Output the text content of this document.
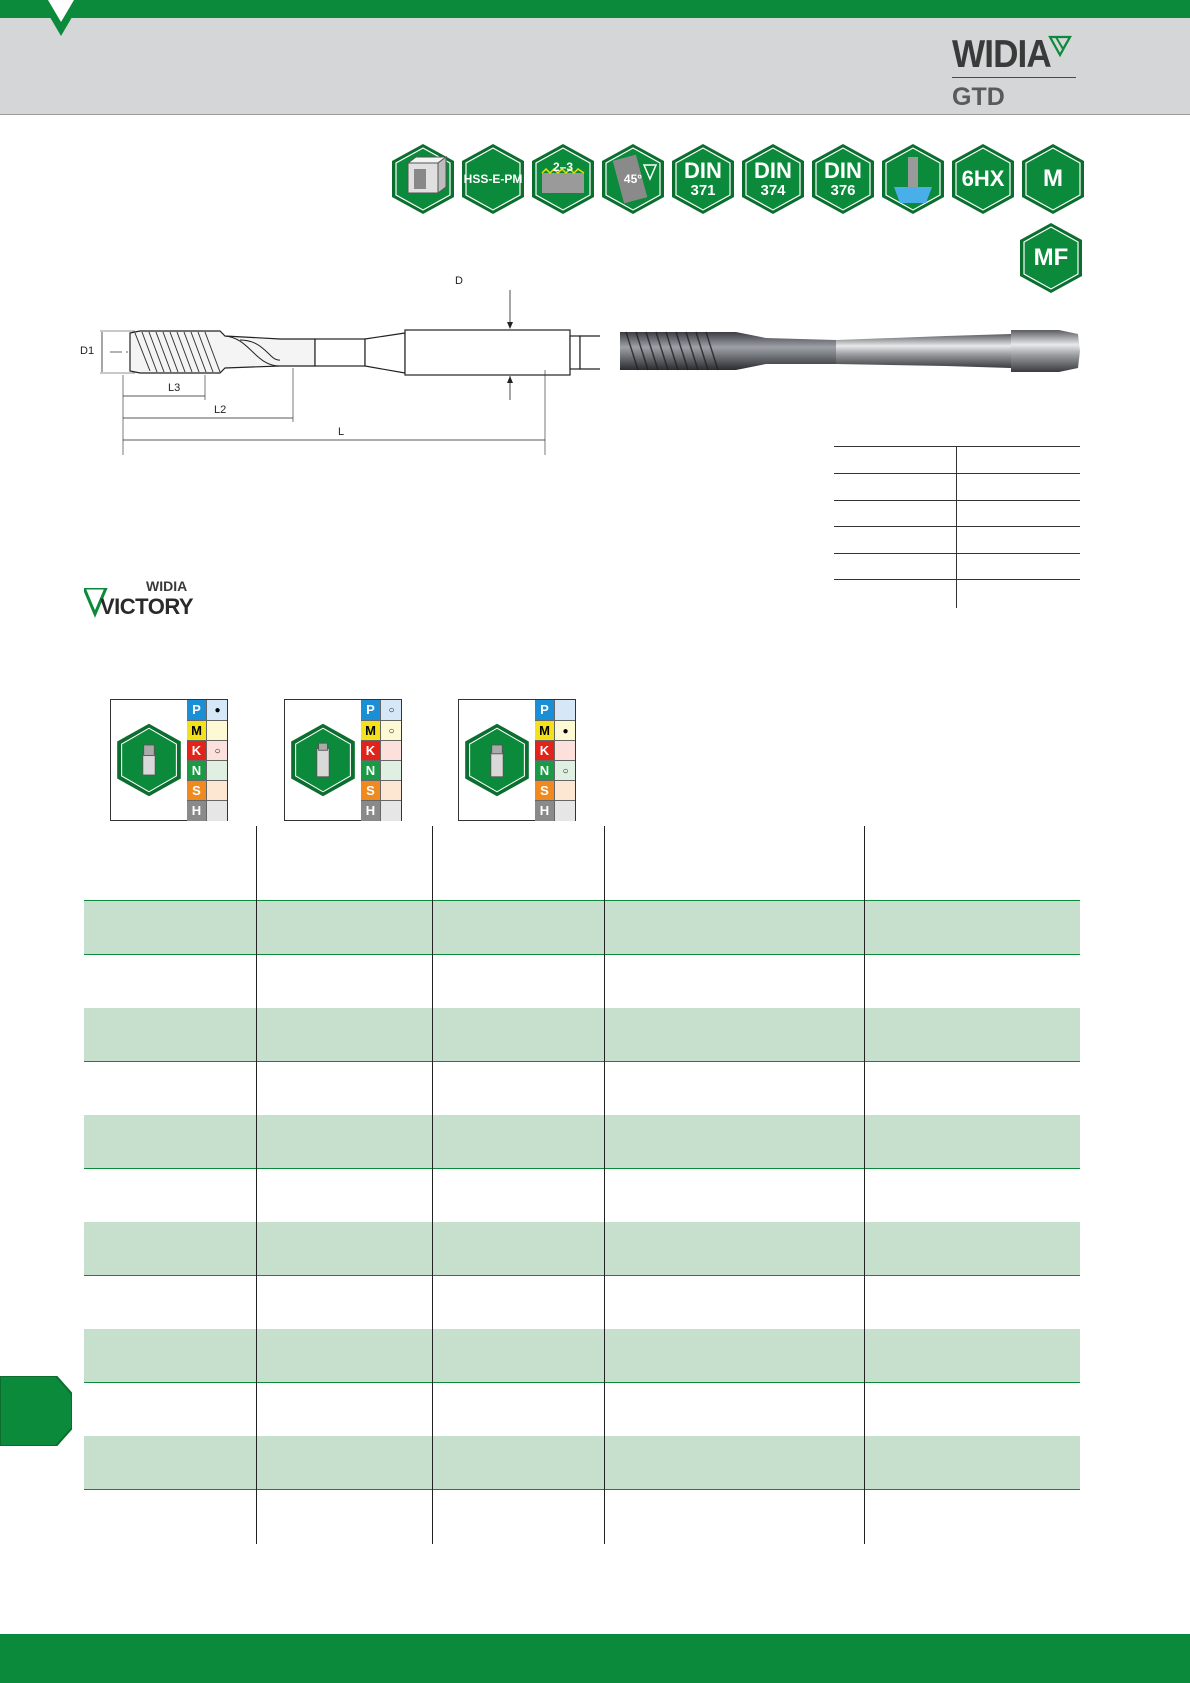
WIDIA
GTD
HSS-E-PM
2–3
45° DIN
371
DIN
374
DIN
376	6HX M
MF
D
D1
L3
L2
L
WIDIA
VICTORY
P	●
M
K	○
N
S
H
P	○
M	○
K
N
S
H
P
M	●
K
N	○
S
H
